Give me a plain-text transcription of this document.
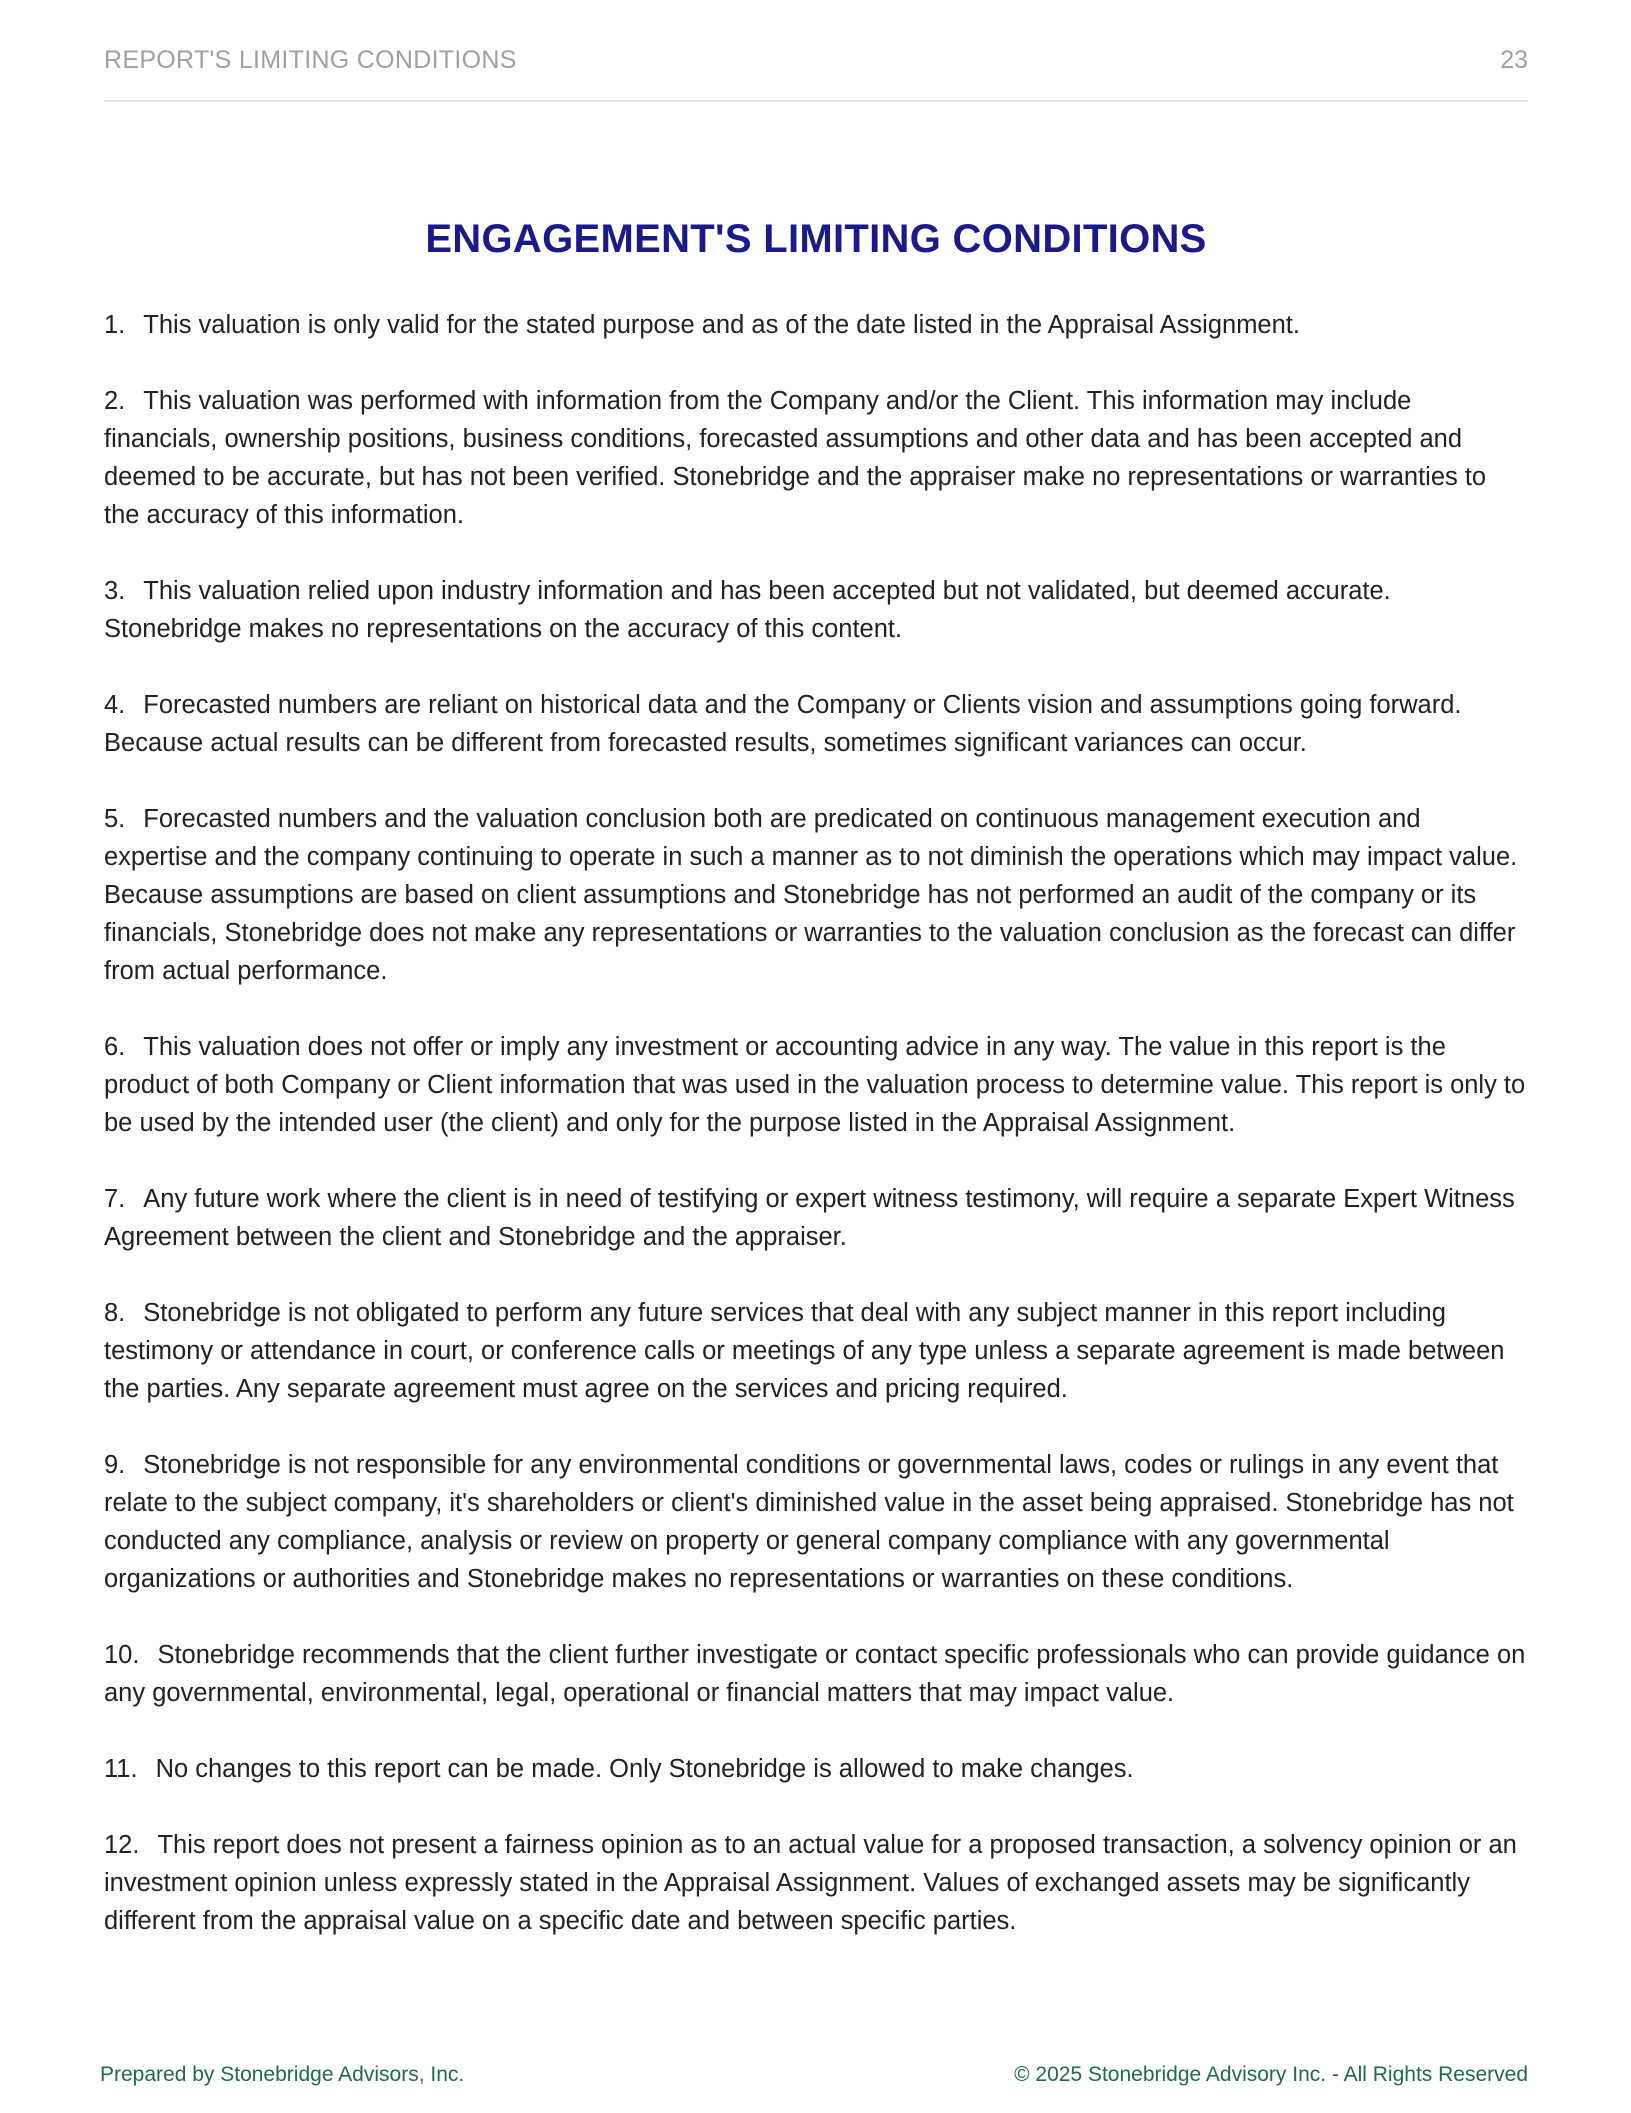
REPORT'S LIMITING CONDITIONS	23
ENGAGEMENT'S LIMITING CONDITIONS
1. This valuation is only valid for the stated purpose and as of the date listed in the Appraisal Assignment.
2. This valuation was performed with information from the Company and/or the Client. This information may include financials, ownership positions, business conditions, forecasted assumptions and other data and has been accepted and deemed to be accurate, but has not been verified. Stonebridge and the appraiser make no representations or warranties to the accuracy of this information.
3. This valuation relied upon industry information and has been accepted but not validated, but deemed accurate. Stonebridge makes no representations on the accuracy of this content.
4. Forecasted numbers are reliant on historical data and the Company or Clients vision and assumptions going forward. Because actual results can be different from forecasted results, sometimes significant variances can occur.
5. Forecasted numbers and the valuation conclusion both are predicated on continuous management execution and expertise and the company continuing to operate in such a manner as to not diminish the operations which may impact value. Because assumptions are based on client assumptions and Stonebridge has not performed an audit of the company or its financials, Stonebridge does not make any representations or warranties to the valuation conclusion as the forecast can differ from actual performance.
6. This valuation does not offer or imply any investment or accounting advice in any way. The value in this report is the product of both Company or Client information that was used in the valuation process to determine value. This report is only to be used by the intended user (the client) and only for the purpose listed in the Appraisal Assignment.
7. Any future work where the client is in need of testifying or expert witness testimony, will require a separate Expert Witness Agreement between the client and Stonebridge and the appraiser.
8. Stonebridge is not obligated to perform any future services that deal with any subject manner in this report including testimony or attendance in court, or conference calls or meetings of any type unless a separate agreement is made between the parties. Any separate agreement must agree on the services and pricing required.
9. Stonebridge is not responsible for any environmental conditions or governmental laws, codes or rulings in any event that relate to the subject company, it's shareholders or client's diminished value in the asset being appraised. Stonebridge has not conducted any compliance, analysis or review on property or general company compliance with any governmental organizations or authorities and Stonebridge makes no representations or warranties on these conditions.
10. Stonebridge recommends that the client further investigate or contact specific professionals who can provide guidance on any governmental, environmental, legal, operational or financial matters that may impact value.
11. No changes to this report can be made. Only Stonebridge is allowed to make changes.
12. This report does not present a fairness opinion as to an actual value for a proposed transaction, a solvency opinion or an investment opinion unless expressly stated in the Appraisal Assignment. Values of exchanged assets may be significantly different from the appraisal value on a specific date and between specific parties.
Prepared by Stonebridge Advisors, Inc.	© 2025 Stonebridge Advisory Inc. - All Rights Reserved
